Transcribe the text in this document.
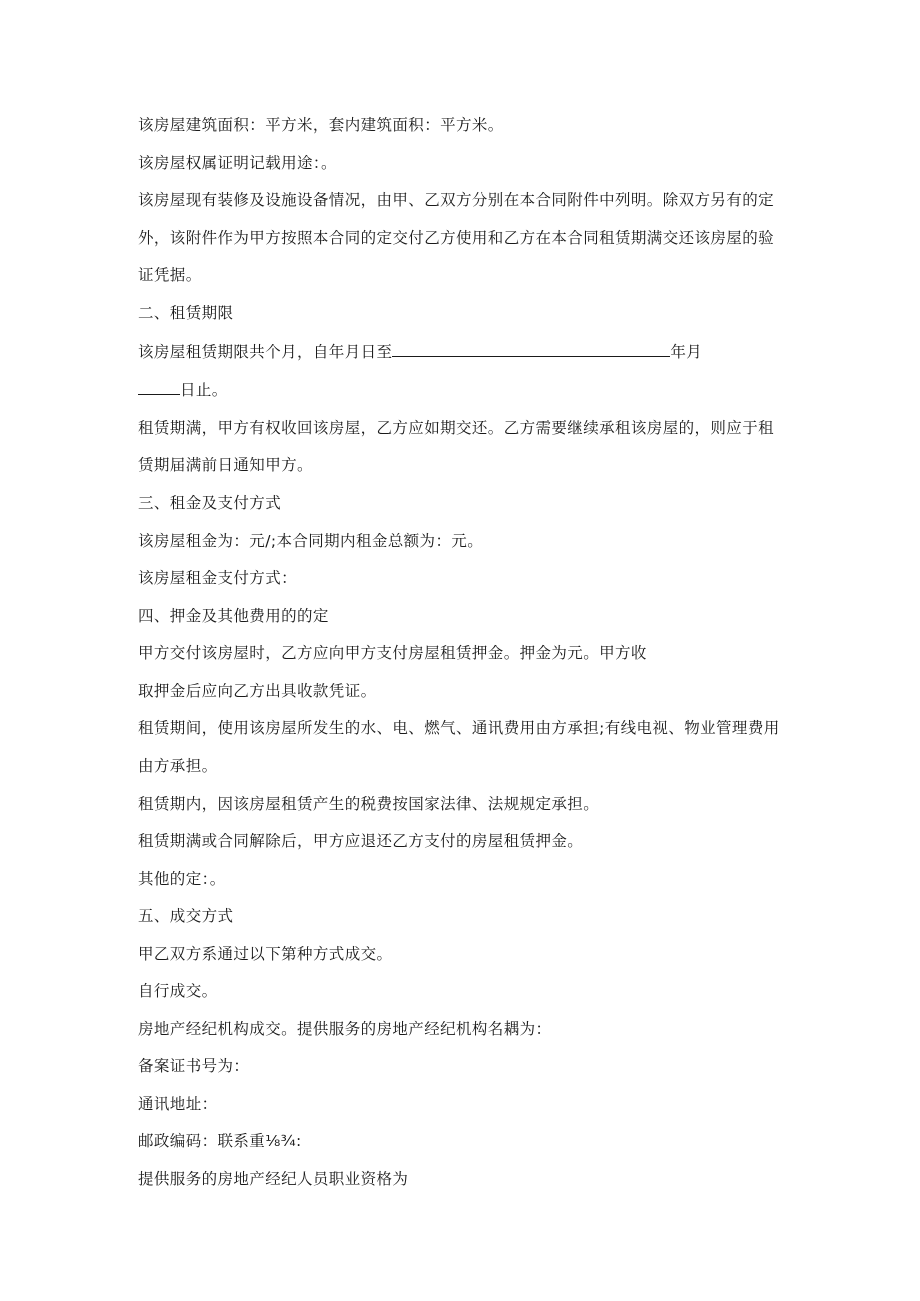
该房屋建筑面积：平方米，套内建筑面积：平方米。

该房屋权属证明记载用途：。

该房屋现有装修及设施设备情况，由甲、乙双方分别在本合同附件中列明。除双方另有的定外，该附件作为甲方按照本合同的定交付乙方使用和乙方在本合同租赁期满交还该房屋的验证凭据。

二、租赁期限

该房屋租赁期限共个月，自年月日至	年月

日止。

租赁期满，甲方有权收回该房屋，乙方应如期交还。乙方需要继续承租该房屋的，则应于租赁期届满前日通知甲方。

三、租金及支付方式

该房屋租金为：元/;本合同期内租金总额为：元。

该房屋租金支付方式：

四、押金及其他费用的的定

甲方交付该房屋时，乙方应向甲方支付房屋租赁押金。押金为元。甲方收

取押金后应向乙方出具收款凭证。

租赁期间，使用该房屋所发生的水、电、燃气、通讯费用由方承担;有线电视、物业管理费用由方承担。

租赁期内，因该房屋租赁产生的税费按国家法律、法规规定承担。

租赁期满或合同解除后，甲方应退还乙方支付的房屋租赁押金。

其他的定：。

五、成交方式

甲乙双方系通过以下第种方式成交。

自行成交。

房地产经纪机构成交。提供服务的房地产经纪机构名耦为：

备案证书号为：

通讯地址：

邮政编码：联系重⅛¾:

提供服务的房地产经纪人员职业资格为
